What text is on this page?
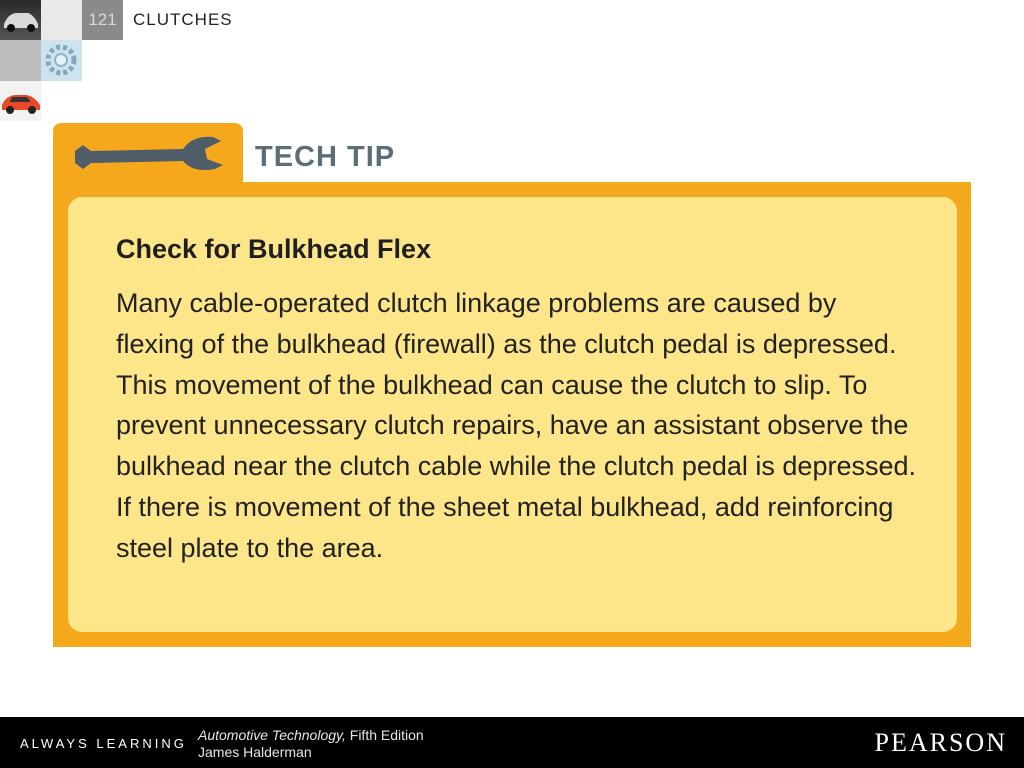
121 CLUTCHES
TECH TIP
Check for Bulkhead Flex
Many cable-operated clutch linkage problems are caused by flexing of the bulkhead (firewall) as the clutch pedal is depressed. This movement of the bulkhead can cause the clutch to slip. To prevent unnecessary clutch repairs, have an assistant observe the bulkhead near the clutch cable while the clutch pedal is depressed. If there is movement of the sheet metal bulkhead, add reinforcing steel plate to the area.
ALWAYS LEARNING
Automotive Technology, Fifth Edition
James Halderman	PEARSON
